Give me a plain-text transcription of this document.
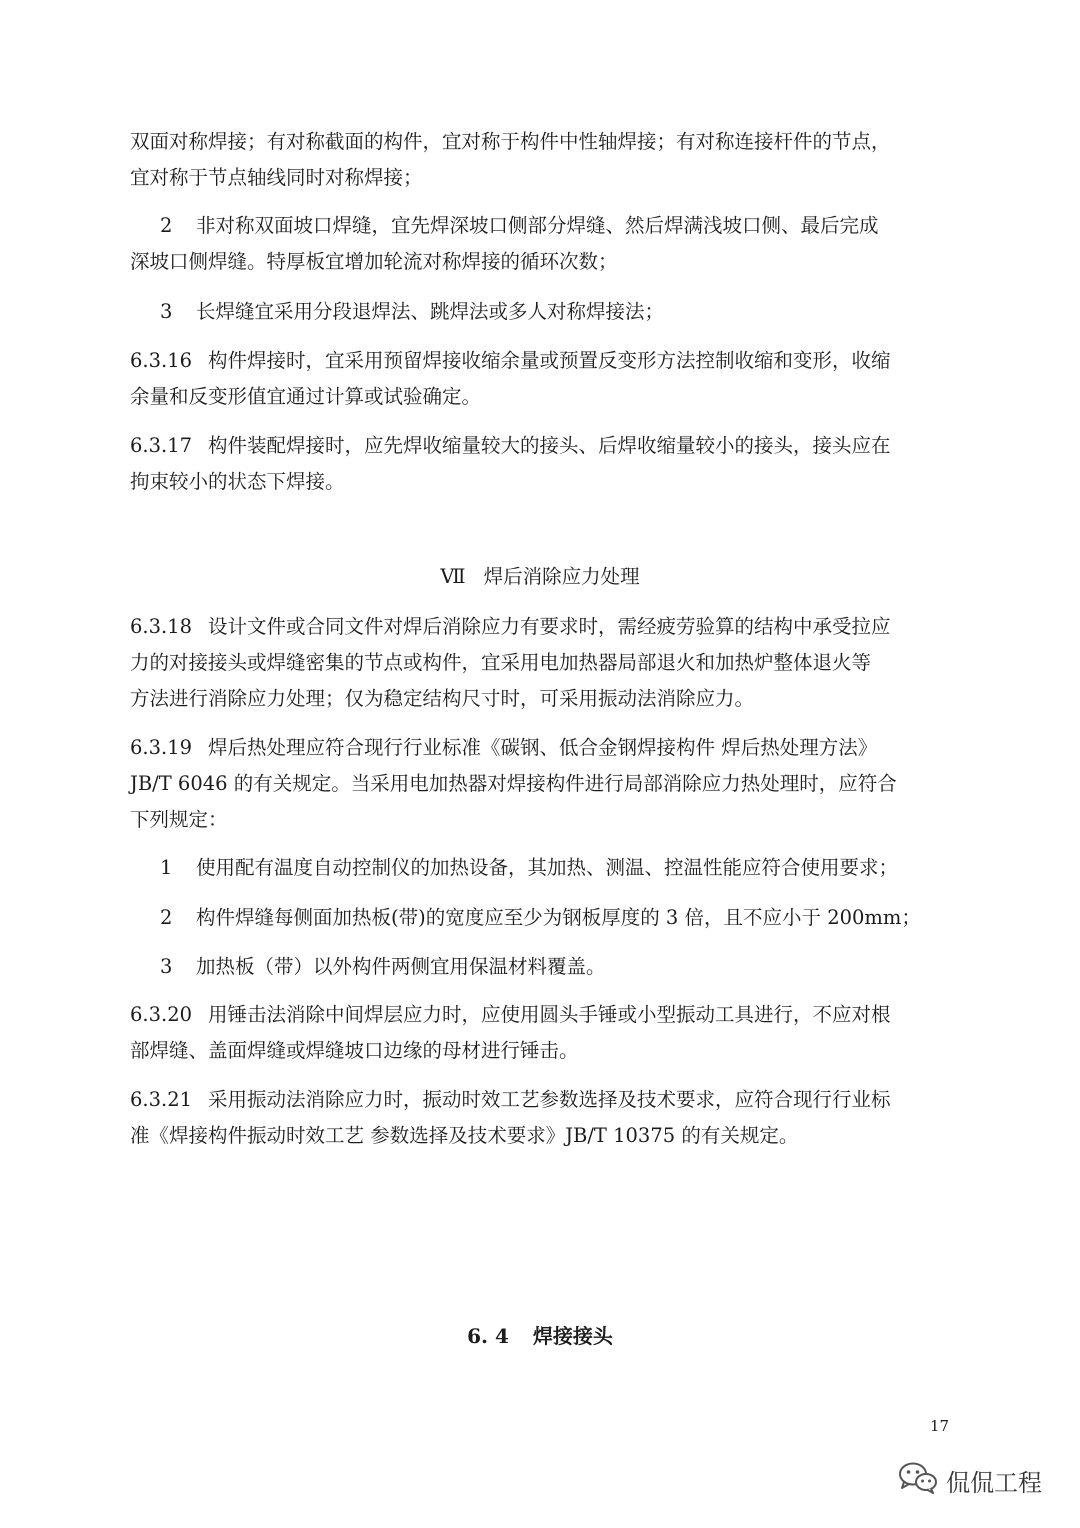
双面对称焊接；有对称截面的构件，宜对称于构件中性轴焊接；有对称连接杆件的节点，
宜对称于节点轴线同时对称焊接；
2 非对称双面坡口焊缝，宜先焊深坡口侧部分焊缝、然后焊满浅坡口侧、最后完成
深坡口侧焊缝。特厚板宜增加轮流对称焊接的循环次数；
3 长焊缝宜采用分段退焊法、跳焊法或多人对称焊接法；
6.3.16 构件焊接时，宜采用预留焊接收缩余量或预置反变形方法控制收缩和变形，收缩
余量和反变形值宜通过计算或试验确定。
6.3.17 构件装配焊接时，应先焊收缩量较大的接头、后焊收缩量较小的接头，接头应在
拘束较小的状态下焊接。
Ⅶ 焊后消除应力处理
6.3.18 设计文件或合同文件对焊后消除应力有要求时，需经疲劳验算的结构中承受拉应
力的对接接头或焊缝密集的节点或构件，宜采用电加热器局部退火和加热炉整体退火等
方法进行消除应力处理；仅为稳定结构尺寸时，可采用振动法消除应力。
6.3.19 焊后热处理应符合现行行业标准《碳钢、低合金钢焊接构件 焊后热处理方法》
JB/T 6046 的有关规定。当采用电加热器对焊接构件进行局部消除应力热处理时，应符合
下列规定：
1 使用配有温度自动控制仪的加热设备，其加热、测温、控温性能应符合使用要求；
2 构件焊缝每侧面加热板(带)的宽度应至少为钢板厚度的 3 倍，且不应小于 200mm；
3 加热板（带）以外构件两侧宜用保温材料覆盖。
6.3.20 用锤击法消除中间焊层应力时，应使用圆头手锤或小型振动工具进行，不应对根
部焊缝、盖面焊缝或焊缝坡口边缘的母材进行锤击。
6.3.21 采用振动法消除应力时，振动时效工艺参数选择及技术要求，应符合现行行业标
准《焊接构件振动时效工艺 参数选择及技术要求》JB/T 10375 的有关规定。
6. 4 焊接接头
17
侃侃工程
